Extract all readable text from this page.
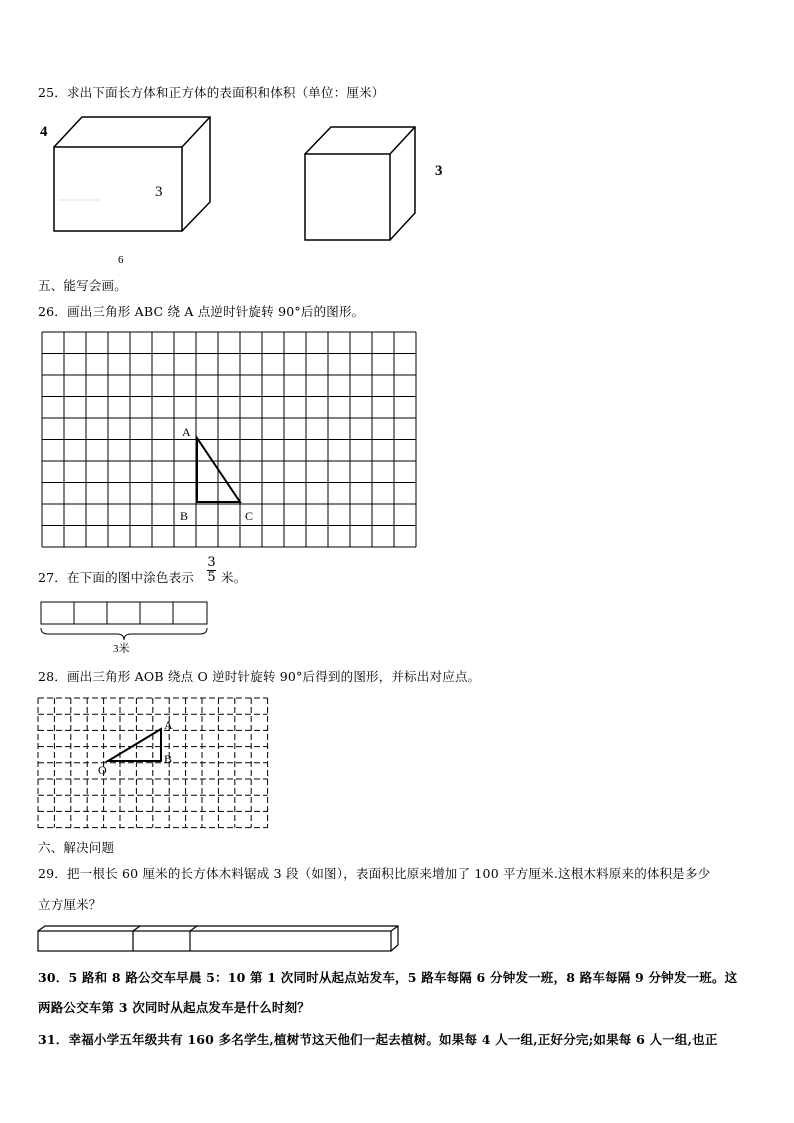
25．求出下面长方体和正方体的表面积和体积（单位：厘米）
4
3
6
3
五、能写会画。
26．画出三角形 ABC 绕 A 点逆时针旋转 90°后的图形。
A
B	C
27．在下面的图中涂色表示
3
5 米。
3米
28．画出三角形 AOB 绕点 O 逆时针旋转 90°后得到的图形，并标出对应点。
A
B
O
六、解决问题
29．把一根长 60 厘米的长方体木料锯成 3 段（如图），表面积比原来增加了 100 平方厘米.这根木料原来的体积是多少
立方厘米？
30．5 路和 8 路公交车早晨 5：10 第 1 次同时从起点站发车，5 路车每隔 6 分钟发一班，8 路车每隔 9 分钟发一班。这
两路公交车第 3 次同时从起点发车是什么时刻？
31．幸福小学五年级共有 160 多名学生,植树节这天他们一起去植树。如果每 4 人一组,正好分完;如果每 6 人一组,也正
